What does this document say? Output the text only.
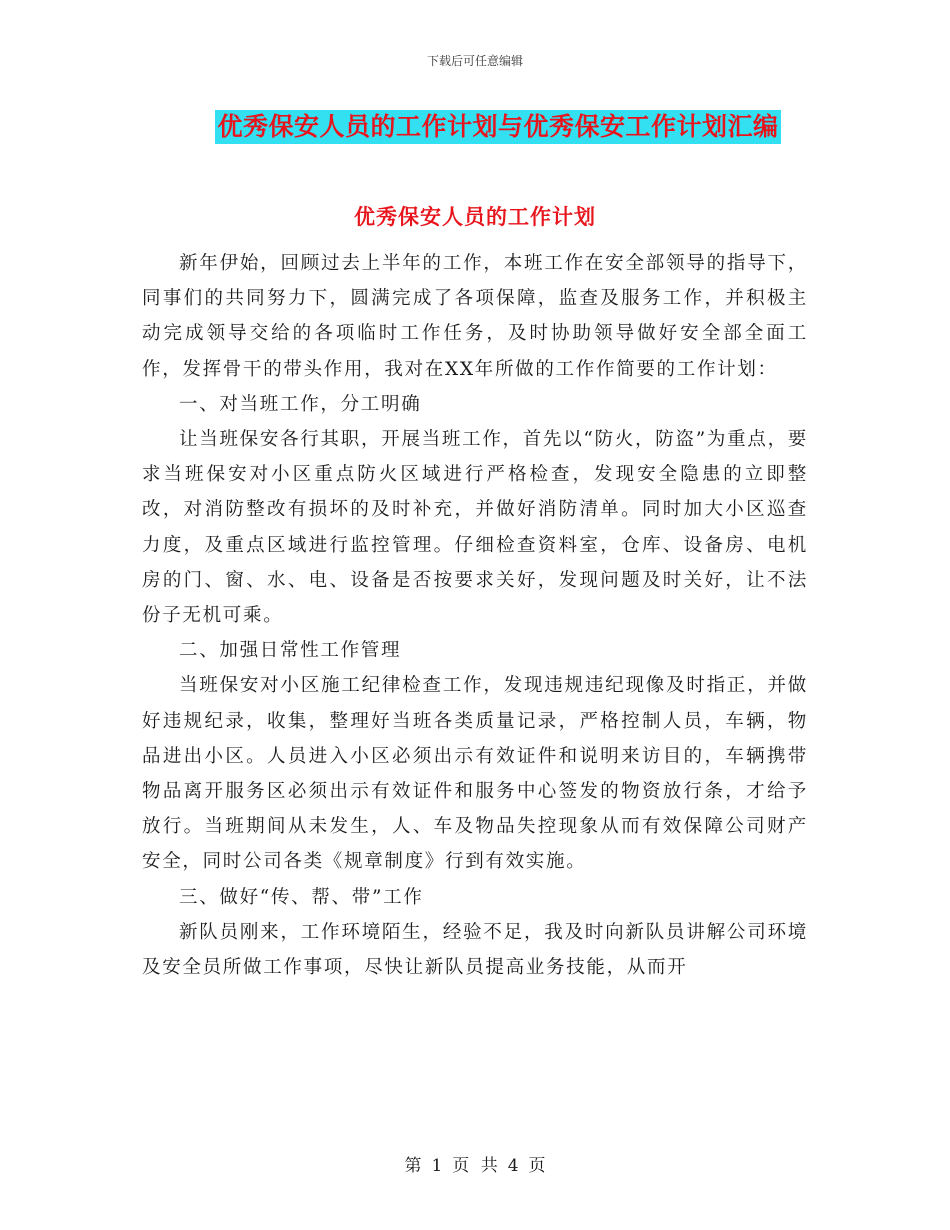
下载后可任意编辑
优秀保安人员的工作计划与优秀保安工作计划汇编
优秀保安人员的工作计划

新年伊始，回顾过去上半年的工作，本班工作在安全部领导的指导下，同事们的共同努力下，圆满完成了各项保障，监查及服务工作，并积极主动完成领导交给的各项临时工作任务，及时协助领导做好安全部全面工作，发挥骨干的带头作用，我对在XX年所做的工作作简要的工作计划：

一、对当班工作，分工明确

让当班保安各行其职，开展当班工作，首先以“防火，防盗”为重点，要求当班保安对小区重点防火区域进行严格检查，发现安全隐患的立即整改，对消防整改有损坏的及时补充，并做好消防清单。同时加大小区巡查力度，及重点区域进行监控管理。仔细检查资料室，仓库、设备房、电机房的门、窗、水、电、设备是否按要求关好，发现问题及时关好，让不法份子无机可乘。

二、加强日常性工作管理

当班保安对小区施工纪律检查工作，发现违规违纪现像及时指正，并做好违规纪录，收集，整理好当班各类质量记录，严格控制人员，车辆，物品进出小区。人员进入小区必须出示有效证件和说明来访目的，车辆携带物品离开服务区必须出示有效证件和服务中心签发的物资放行条，才给予放行。当班期间从未发生，人、车及物品失控现象从而有效保障公司财产安全，同时公司各类《规章制度》行到有效实施。

三、做好“传、帮、带”工作

新队员刚来，工作环境陌生，经验不足，我及时向新队员讲解公司环境及安全员所做工作事项，尽快让新队员提高业务技能，从而开

第 1 页 共 4 页
